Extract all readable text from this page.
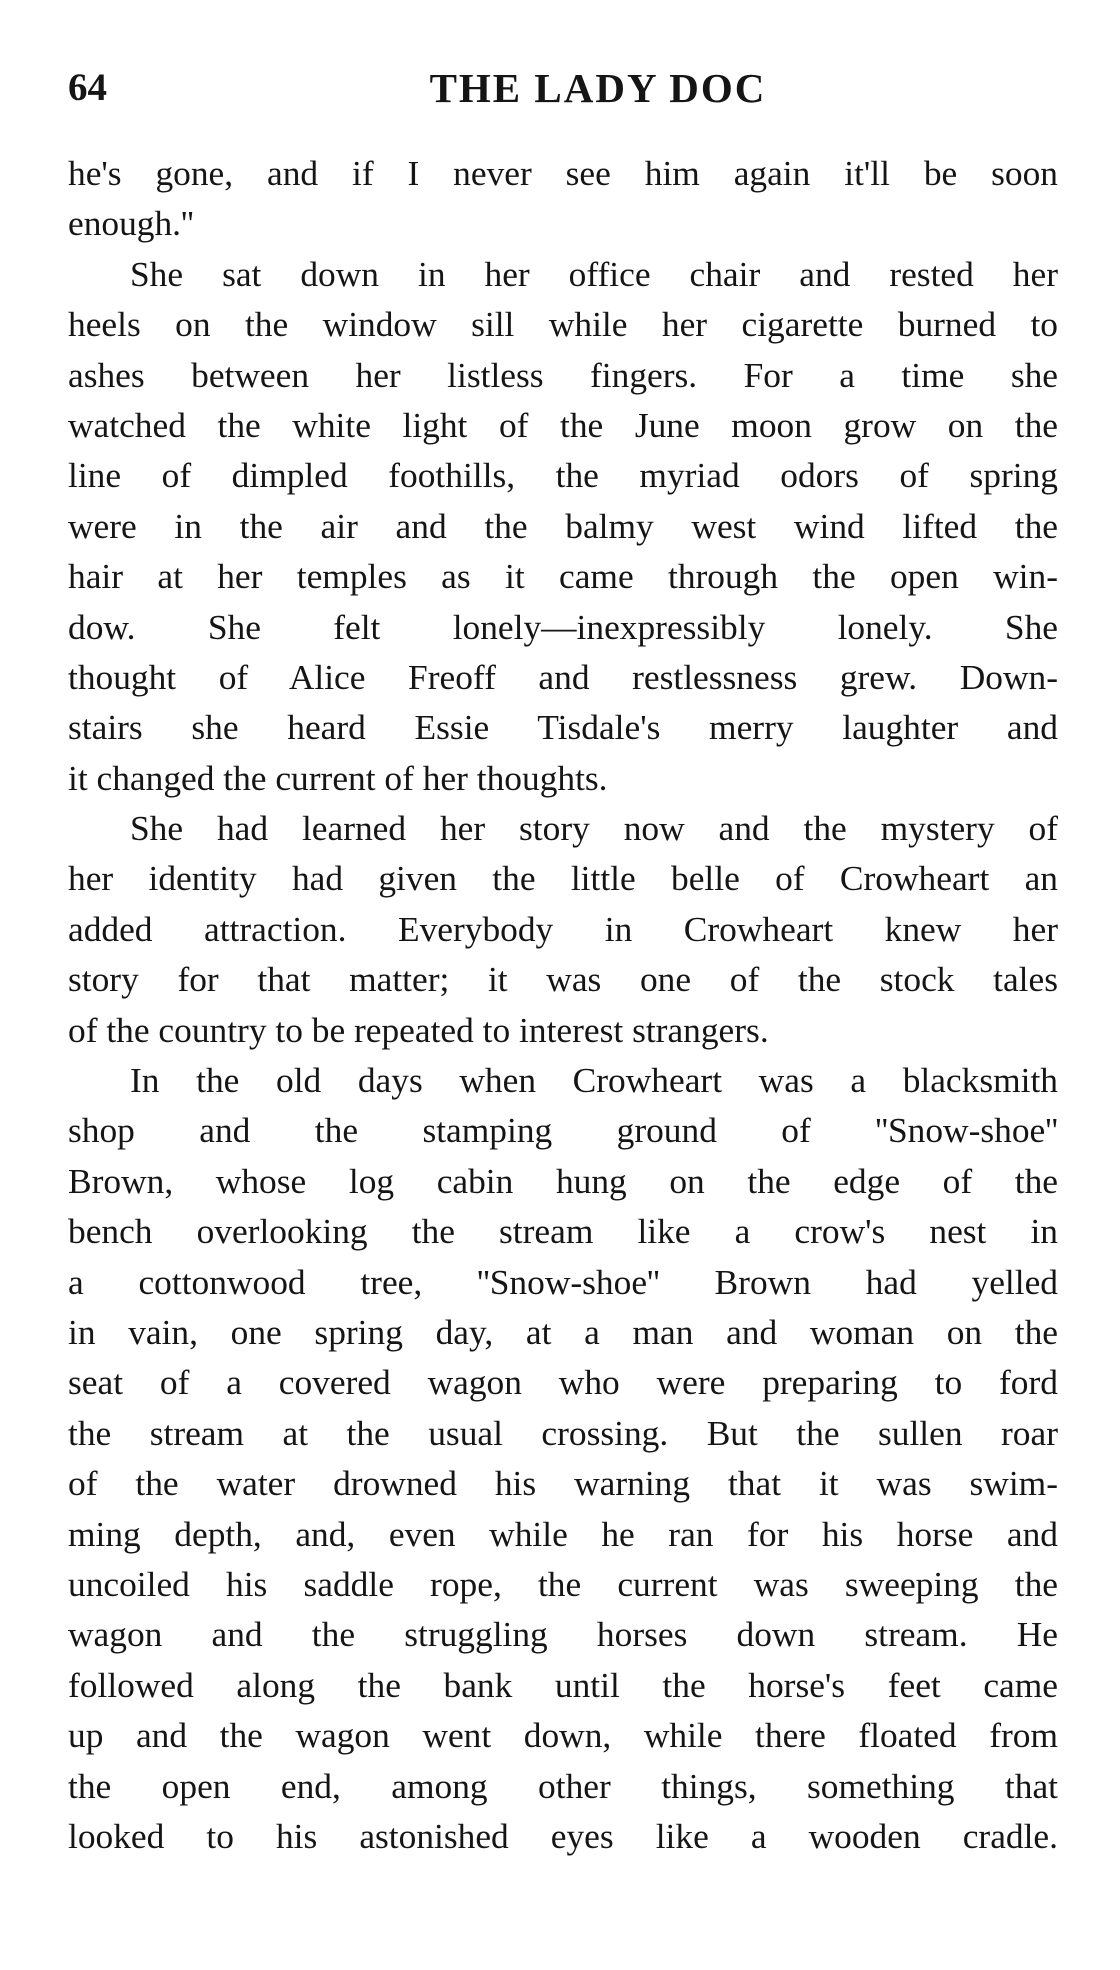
64	THE LADY DOC
he's gone, and if I never see him again it'll be soon
enough.''
She sat down in her office chair and rested her
heels on the window sill while her cigarette burned to
ashes between her listless fingers. For a time she
watched the white light of the June moon grow on the
line of dimpled foothills, the myriad odors of spring
were in the air and the balmy west wind lifted the
hair at her temples as it came through the open win-
dow. She felt lonely—inexpressibly lonely. She
thought of Alice Freoff and restlessness grew. Down-
stairs she heard Essie Tisdale's merry laughter and
it changed the current of her thoughts.
She had learned her story now and the mystery of
her identity had given the little belle of Crowheart an
added attraction. Everybody in Crowheart knew her
story for that matter; it was one of the stock tales
of the country to be repeated to interest strangers.
In the old days when Crowheart was a blacksmith
shop and the stamping ground of ''Snow-shoe''
Brown, whose log cabin hung on the edge of the
bench overlooking the stream like a crow's nest in
a cottonwood tree, ''Snow-shoe'' Brown had yelled
in vain, one spring day, at a man and woman on the
seat of a covered wagon who were preparing to ford
the stream at the usual crossing. But the sullen roar
of the water drowned his warning that it was swim-
ming depth, and, even while he ran for his horse and
uncoiled his saddle rope, the current was sweeping the
wagon and the struggling horses down stream. He
followed along the bank until the horse's feet came
up and the wagon went down, while there floated from
the open end, among other things, something that
looked to his astonished eyes like a wooden cradle.
